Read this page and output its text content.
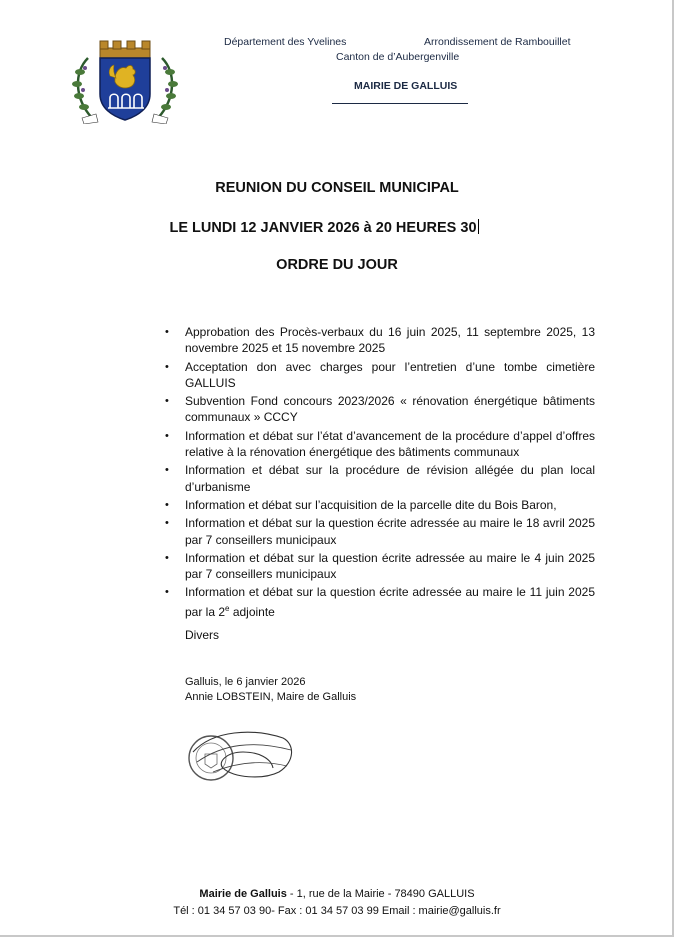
Département des Yvelines	Arrondissement de Rambouillet
Canton de d’Aubergenville
MAIRIE DE GALLUIS
REUNION DU CONSEIL MUNICIPAL
LE LUNDI 12 JANVIER 2026 à 20 HEURES 30
ORDRE DU JOUR
• Approbation des Procès-verbaux du 16 juin 2025, 11 septembre 2025, 13 novembre 2025 et 15 novembre 2025
• Acceptation don avec charges pour l’entretien d’une tombe cimetière GALLUIS
• Subvention Fond concours 2023/2026 « rénovation énergétique bâtiments communaux » CCCY
• Information et débat sur l’état d’avancement de la procédure d’appel d’offres relative à la rénovation énergétique des bâtiments communaux
• Information et débat sur la procédure de révision allégée du plan local d’urbanisme
• Information et débat sur l’acquisition de la parcelle dite du Bois Baron,
• Information et débat sur la question écrite adressée au maire le 18 avril 2025 par 7 conseillers municipaux
• Information et débat sur la question écrite adressée au maire le 4 juin 2025 par 7 conseillers municipaux
• Information et débat sur la question écrite adressée au maire le 11 juin 2025 par la 2e adjointe
Divers
Galluis, le 6 janvier 2026
Annie LOBSTEIN, Maire de Galluis
Mairie de Galluis - 1, rue de la Mairie - 78490 GALLUIS
Tél : 01 34 57 03 90- Fax : 01 34 57 03 99 Email : mairie@galluis.fr
